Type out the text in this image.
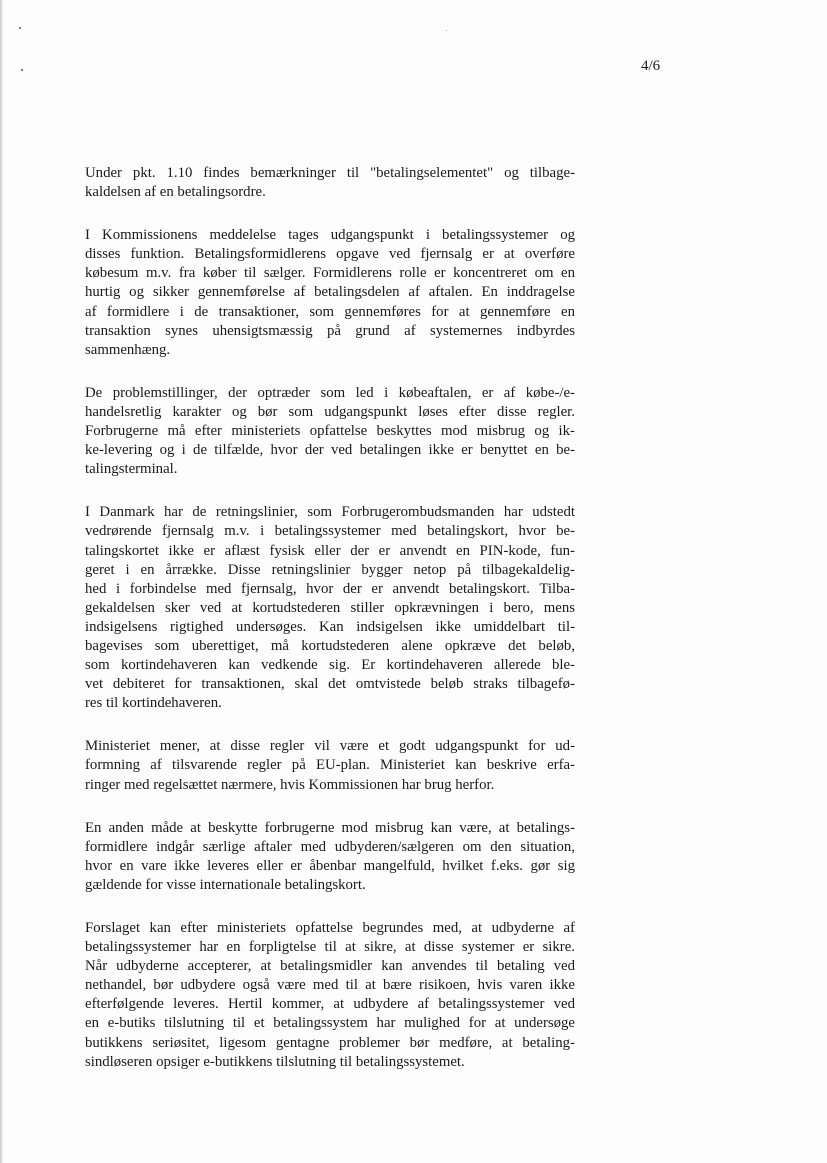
4/6

Under pkt. 1.10 findes bemærkninger til "betalingselementet" og tilbage-
kaldelsen af en betalingsordre.

I Kommissionens meddelelse tages udgangspunkt i betalingssystemer og
disses funktion. Betalingsformidlerens opgave ved fjernsalg er at overføre
købesum m.v. fra køber til sælger. Formidlerens rolle er koncentreret om en
hurtig og sikker gennemførelse af betalingsdelen af aftalen. En inddragelse
af formidlere i de transaktioner, som gennemføres for at gennemføre en
transaktion synes uhensigtsmæssig på grund af systemernes indbyrdes
sammenhæng.

De problemstillinger, der optræder som led i købeaftalen, er af købe-/e-
handelsretlig karakter og bør som udgangspunkt løses efter disse regler.
Forbrugerne må efter ministeriets opfattelse beskyttes mod misbrug og ik-
ke-levering og i de tilfælde, hvor der ved betalingen ikke er benyttet en be-
talingsterminal.

I Danmark har de retningslinier, som Forbrugerombudsmanden har udstedt
vedrørende fjernsalg m.v. i betalingssystemer med betalingskort, hvor be-
talingskortet ikke er aflæst fysisk eller der er anvendt en PIN-kode, fun-
geret i en årrække. Disse retningslinier bygger netop på tilbagekaldelig-
hed i forbindelse med fjernsalg, hvor der er anvendt betalingskort. Tilba-
gekaldelsen sker ved at kortudstederen stiller opkrævningen i bero, mens
indsigelsens rigtighed undersøges. Kan indsigelsen ikke umiddelbart til-
bagevises som uberettiget, må kortudstederen alene opkræve det beløb,
som kortindehaveren kan vedkende sig. Er kortindehaveren allerede ble-
vet debiteret for transaktionen, skal det omtvistede beløb straks tilbagefø-
res til kortindehaveren.

Ministeriet mener, at disse regler vil være et godt udgangspunkt for ud-
formning af tilsvarende regler på EU-plan. Ministeriet kan beskrive erfa-
ringer med regelsættet nærmere, hvis Kommissionen har brug herfor.

En anden måde at beskytte forbrugerne mod misbrug kan være, at betalings-
formidlere indgår særlige aftaler med udbyderen/sælgeren om den situation,
hvor en vare ikke leveres eller er åbenbar mangelfuld, hvilket f.eks. gør sig
gældende for visse internationale betalingskort.

Forslaget kan efter ministeriets opfattelse begrundes med, at udbyderne af
betalingssystemer har en forpligtelse til at sikre, at disse systemer er sikre.
Når udbyderne accepterer, at betalingsmidler kan anvendes til betaling ved
nethandel, bør udbydere også være med til at bære risikoen, hvis varen ikke
efterfølgende leveres. Hertil kommer, at udbydere af betalingssystemer ved
en e-butiks tilslutning til et betalingssystem har mulighed for at undersøge
butikkens seriøsitet, ligesom gentagne problemer bør medføre, at betaling-
sindløseren opsiger e-butikkens tilslutning til betalingssystemet.
